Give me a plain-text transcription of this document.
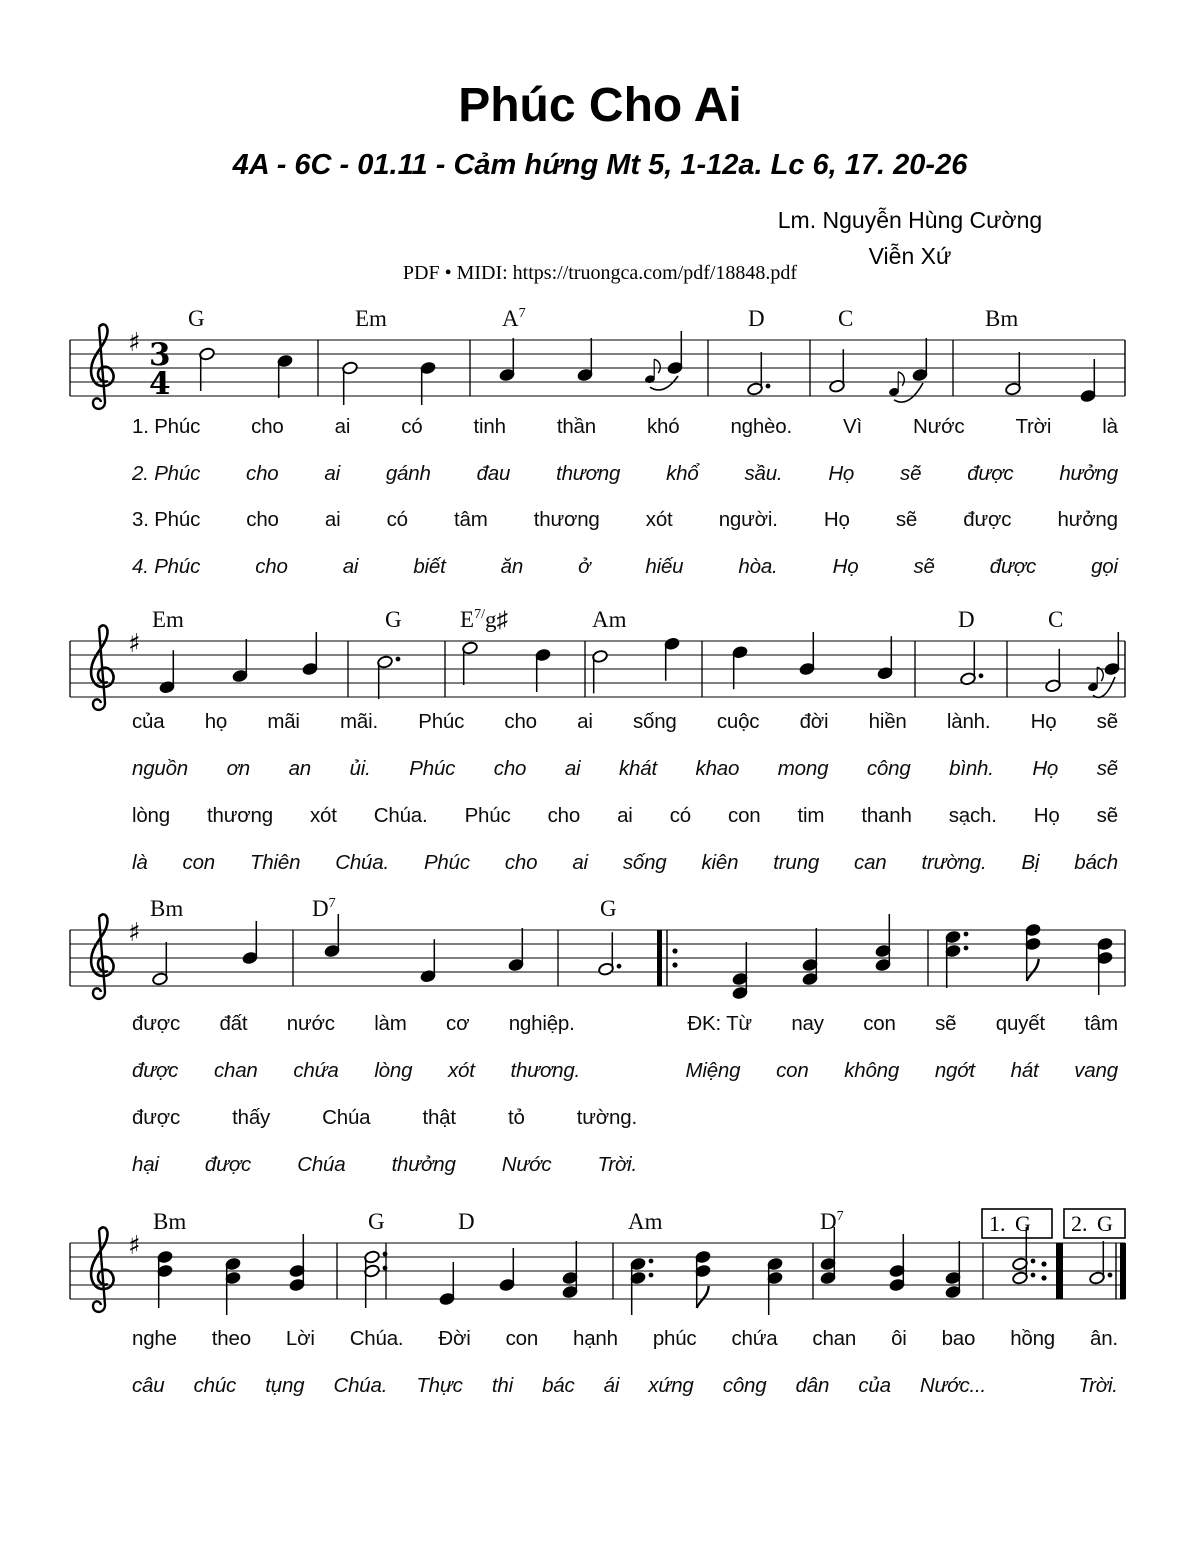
Phúc Cho Ai
4A - 6C - 01.11 - Cảm hứng Mt 5, 1-12a. Lc 6, 17. 20-26
Lm. Nguyễn Hùng Cường
Viễn Xứ
PDF • MIDI: https://truongca.com/pdf/18848.pdf
♯ 3
4
G	Em	$A^7$	D	C	Bm
♯
Em	G	$E^{7/}g♯$	Am	D	C
♯
Bm	$D^7$	G
♯
1. G 2. G
Bm	G	D	Am	$D^7$
1. Phúc cho ai có tinh thần khó nghèo. Vì Nước Trời là
2. Phúc cho ai gánh đau thương khổ sầu. Họ sẽ được hưởng
3. Phúc cho ai có tâm thương xót người. Họ sẽ được hưởng
4. Phúc	cho	ai	biết	ăn	ở	hiếu	hòa.	Họ	sẽ	được	gọi
của họ mãi mãi. Phúc cho ai sống cuộc đời hiền lành. Họ sẽ
nguồn ơn an ủi. Phúc cho ai khát khao mong công bình. Họ sẽ
lòng thương xót Chúa. Phúc cho ai có con tim thanh sạch. Họ sẽ
là con Thiên Chúa. Phúc cho ai sống kiên trung can trường. Bị bách
được đất nước làm cơ nghiệp.	ĐK: Từ nay con sẽ quyết tâm
được chan chứa lòng xót thương.	Miệng con không ngớt hát vang
được	thấy	Chúa	thật	tỏ	tường.
hại được Chúa thưởng Nước Trời.
nghe theo Lời Chúa. Đời con hạnh phúc chứa chan ôi bao hồng ân.
câu chúc tụng Chúa. Thực thi bác ái xứng công dân của Nước...	Trời.
